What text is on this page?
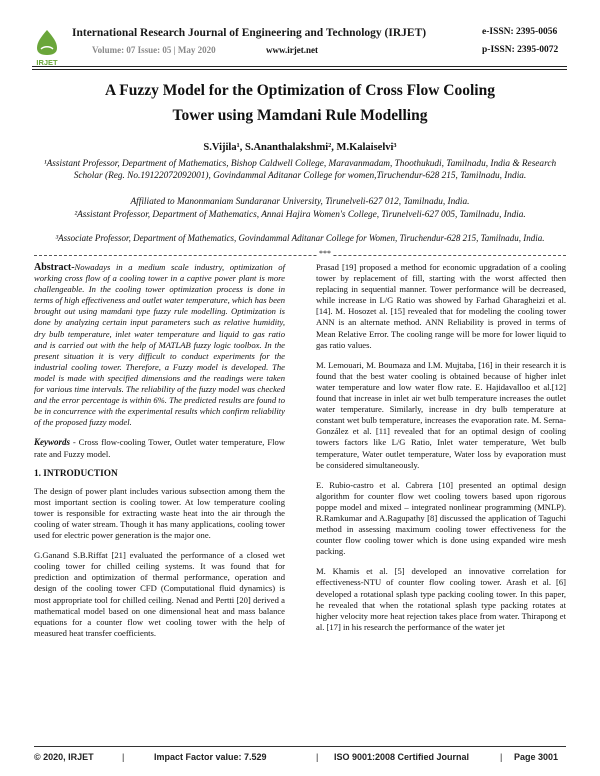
IRJET
International Research Journal of Engineering and Technology (IRJET)	e-ISSN: 2395-0056
Volume: 07 Issue: 05 | May 2020	www.irjet.net	p-ISSN: 2395-0072
A Fuzzy Model for the Optimization of Cross Flow Cooling
Tower using Mamdani Rule Modelling
S.Vijila¹, S.Ananthalakshmi², M.Kalaiselvi³
¹Assistant Professor, Department of Mathematics, Bishop Caldwell College, Maravanmadam, Thoothukudi, Tamilnadu, India & Research Scholar (Reg. No.19122072092001), Govindammal Aditanar College for women,Tiruchendur-628 215, Tamilnadu, India.
Affiliated to Manonmaniam Sundaranar University, Tirunelveli-627 012, Tamilnadu, India.
²Assistant Professor, Department of Mathematics, Annai Hajira Women's College, Tirunelveli-627 005, Tamilnadu, India.
³Associate Professor, Department of Mathematics, Govindammal Aditanar College for Women, Tiruchendur-628 215, Tamilnadu, India.
***

Abstract-Nowadays in a medium scale industry, optimization of working cross flow of a cooling tower in a captive power plant is more challengeable. In the cooling tower optimization process is done in terms of high effectiveness and outlet water temperature, which has been brought out using mamdani type fuzzy rule modelling. Optimization is done by analyzing certain input parameters such as relative humidity, dry bulb temperature, inlet water temperature and liquid to gas ratio and is carried out with the help of MATLAB fuzzy logic toolbox. In the present situation it is very difficult to conduct experiments for the industrial cooling tower. Therefore, a Fuzzy model is developed. The model is made with specified dimensions and the readings were taken for various time intervals. The reliability of the fuzzy model was checked and the error percentage is within 6%. The predicted results are found to be in concurrence with the experimental results which confirm reliability of the proposed fuzzy model.

Keywords - Cross flow-cooling Tower, Outlet water temperature, Flow rate and Fuzzy model.

1. INTRODUCTION

The design of power plant includes various subsection among them the most important section is cooling tower. At low temperature cooling tower is responsible for extracting waste heat into the air through the cooling of water stream. Though it has many applications, cooling tower used for electric power generation is the major one.

G.Ganand S.B.Riffat [21] evaluated the performance of a closed wet cooling tower for chilled ceiling systems. It was found that for prediction and optimization of thermal performance, operation and design of the cooling tower CFD (Computational fluid dynamics) is most appropriate tool for chilled ceiling. Nenad and Pertti [20] derived a mathematical model based on one dimensional heat and mass balance equations for a counter flow wet cooling tower with the help of measured heat transfer coefficients.

Prasad [19] proposed a method for economic upgradation of a cooling tower by replacement of fill, starting with the worst affected then replacing in sequential manner. Tower performance will be decreased, while increase in L/G Ratio was showed by Farhad Gharagheizi et al. [14]. M. Hosozet al. [15] revealed that for modeling the cooling tower ANN is an alternate method. ANN Reliability is proved in terms of Mean Relative Error. The cooling range will be more for lower liquid to gas ratio values.

M. Lemouari, M. Boumaza and I.M. Mujtaba, [16] in their research it is found that the best water cooling is obtained because of higher inlet water temperature and low water flow rate. E. Hajidavalloo et al.[12] found that increase in inlet air wet bulb temperature increases the outlet water temperature. Similarly, increase in dry bulb temperature at constant wet bulb temperature, increases the evaporation rate. M. Serna-González et al. [11] revealed that for an optimal design of cooling towers factors like L/G Ratio, Inlet water temperature, Wet bulb temperature, Water outlet temperature, Water loss by evaporation must be considered simultaneously.

E. Rubio-castro et al. Cabrera [10] presented an optimal design algorithm for counter flow wet cooling towers based upon rigorous poppe model and mixed – integrated nonlinear programming (MNLP). R.Ramkumar and A.Ragupathy [8] discussed the application of Taguchi method in assessing maximum cooling tower effectiveness for the counter flow cooling tower which is done using expanded wire mesh packing.

M. Khamis et al. [5] developed an innovative correlation for effectiveness-NTU of counter flow cooling tower. Arash et al. [6] developed a rotational splash type packing cooling tower. In this paper, he revealed that when the rotational splash type packing rotates at higher velocity more heat rejection takes place from water. Thirapong et al. [17] in his research the performance of the water jet

© 2020, IRJET	|	Impact Factor value: 7.529	| ISO 9001:2008 Certified Journal	| Page 3001
